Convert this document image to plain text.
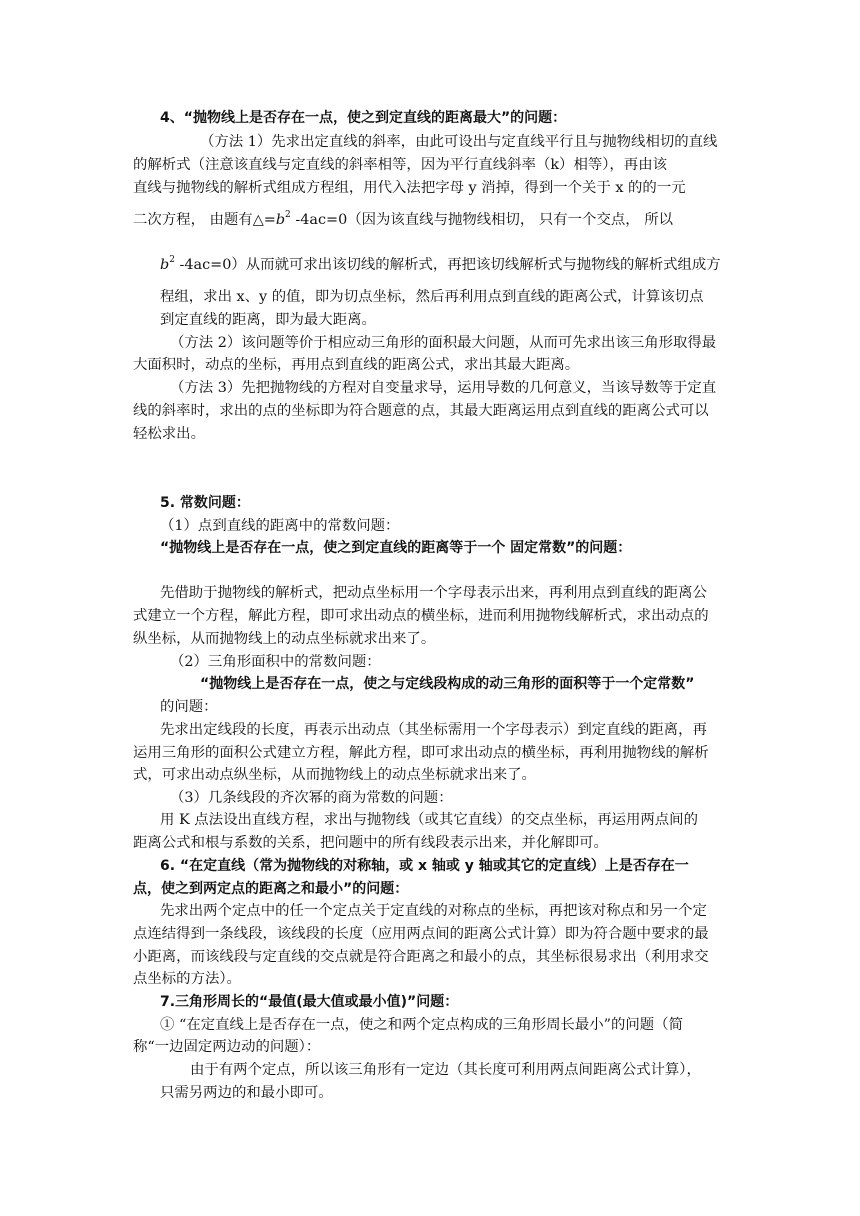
4、“抛物线上是否存在一点，使之到定直线的距离最大”的问题：
（方法 1）先求出定直线的斜率，由此可设出与定直线平行且与抛物线相切的直线
的解析式（注意该直线与定直线的斜率相等，因为平行直线斜率（k）相等），再由该
直线与抛物线的解析式组成方程组，用代入法把字母 y 消掉，得到一个关于 x 的的一元
二次方程， 由题有$\triangle=b^2$ -4ac=0（因为该直线与抛物线相切， 只有一个交点， 所以
$b^2$ -4ac=0）从而就可求出该切线的解析式，再把该切线解析式与抛物线的解析式组成方
程组，求出 x、y 的值，即为切点坐标，然后再利用点到直线的距离公式，计算该切点
到定直线的距离，即为最大距离。
（方法 2）该问题等价于相应动三角形的面积最大问题，从而可先求出该三角形取得最
大面积时，动点的坐标，再用点到直线的距离公式，求出其最大距离。
（方法 3）先把抛物线的方程对自变量求导，运用导数的几何意义，当该导数等于定直
线的斜率时，求出的点的坐标即为符合题意的点，其最大距离运用点到直线的距离公式可以
轻松求出。
5. 常数问题：
（1）点到直线的距离中的常数问题：
“抛物线上是否存在一点，使之到定直线的距离等于一个 固定常数”的问题：
先借助于抛物线的解析式，把动点坐标用一个字母表示出来，再利用点到直线的距离公
式建立一个方程，解此方程，即可求出动点的横坐标，进而利用抛物线解析式，求出动点的
纵坐标，从而抛物线上的动点坐标就求出来了。
（2）三角形面积中的常数问题：
“抛物线上是否存在一点，使之与定线段构成的动三角形的面积等于一个定常数”
的问题：
先求出定线段的长度，再表示出动点（其坐标需用一个字母表示）到定直线的距离，再
运用三角形的面积公式建立方程，解此方程，即可求出动点的横坐标，再利用抛物线的解析
式，可求出动点纵坐标，从而抛物线上的动点坐标就求出来了。
（3）几条线段的齐次幂的商为常数的问题：
用 K 点法设出直线方程，求出与抛物线（或其它直线）的交点坐标，再运用两点间的
距离公式和根与系数的关系，把问题中的所有线段表示出来，并化解即可。
6. “在定直线（常为抛物线的对称轴，或 x 轴或 y 轴或其它的定直线）上是否存在一
点，使之到两定点的距离之和最小”的问题：
先求出两个定点中的任一个定点关于定直线的对称点的坐标，再把该对称点和另一个定
点连结得到一条线段，该线段的长度（应用两点间的距离公式计算）即为符合题中要求的最
小距离，而该线段与定直线的交点就是符合距离之和最小的点，其坐标很易求出（利用求交
点坐标的方法）。
7.三角形周长的“最值(最大值或最小值)”问题：
① “在定直线上是否存在一点，使之和两个定点构成的三角形周长最小”的问题（简
称“一边固定两边动的问题）：
由于有两个定点，所以该三角形有一定边（其长度可利用两点间距离公式计算），
只需另两边的和最小即可。
